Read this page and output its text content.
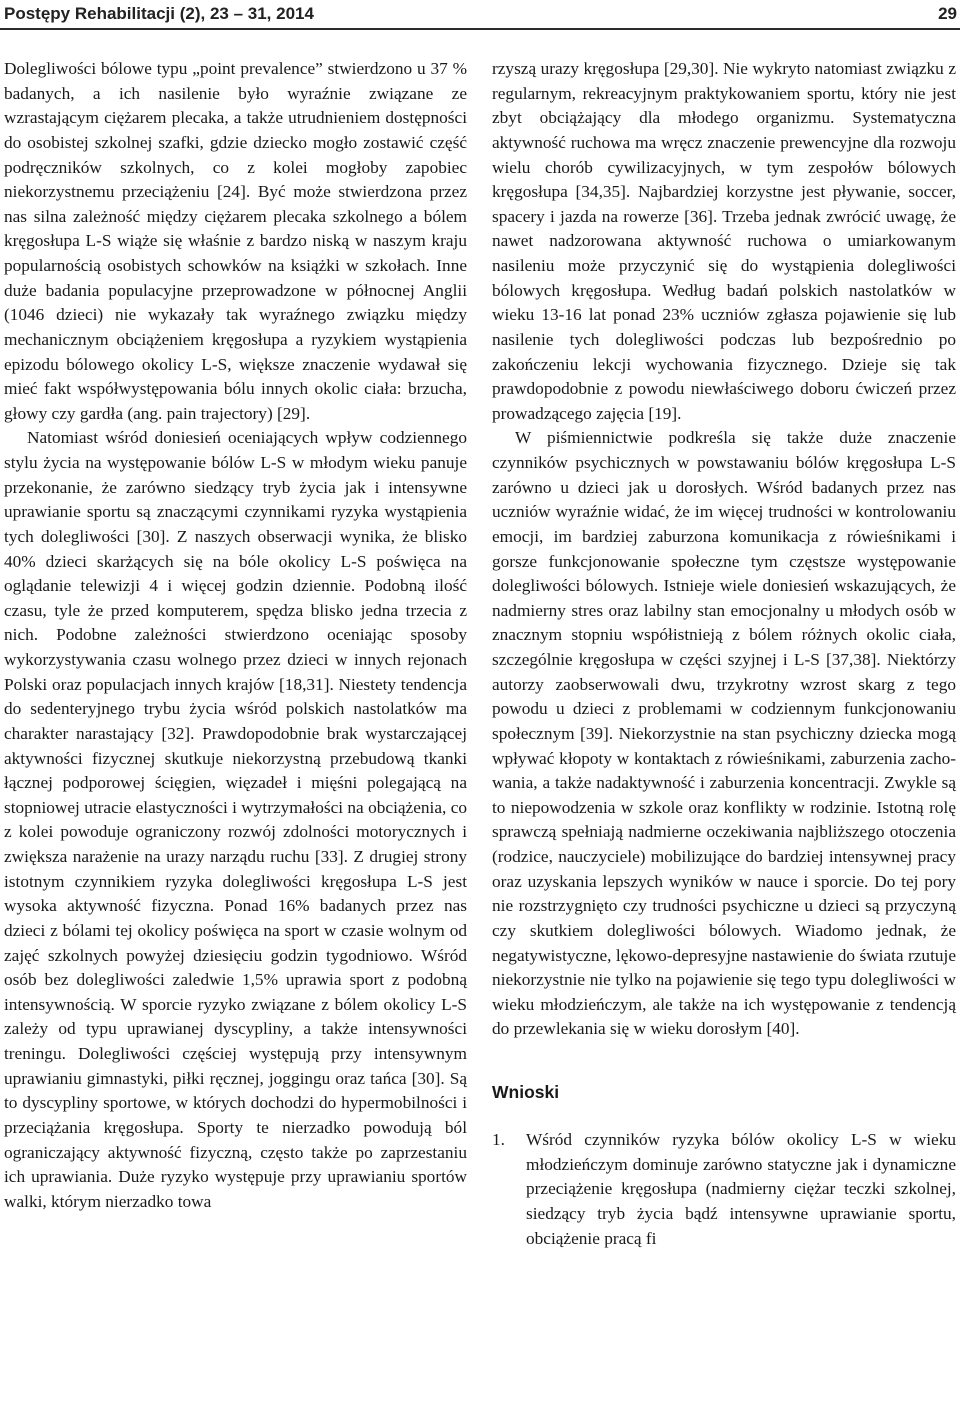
Postępy Rehabilitacji (2), 23 – 31, 2014	29

Dolegliwości bólowe typu „point prevalence” stwierdzono u 37 % badanych, a ich nasilenie było wyraźnie związane ze wzrastającym ciężarem plecaka, a także utrudnieniem dostępności do osobistej szkolnej szafki, gdzie dziecko mogło zostawić część podręczników szkolnych, co z kolei mogłoby zapobiec niekorzystnemu przeciążeniu [24]. Być może stwierdzona przez nas silna zależność między ciężarem plecaka szkolnego a bólem kręgosłupa L-S wiąże się właśnie z bardzo niską w naszym kraju popularnością osobistych schowków na książki w szkołach. Inne duże badania populacyjne przeprowadzone w północnej Anglii (1046 dzieci) nie wykazały tak wyraźnego związku między mechanicznym obciążeniem kręgosłupa a ryzykiem wystąpienia epizodu bólowego okolicy L-S, większe znaczenie wydawał się mieć fakt współwystępowania bólu innych okolic ciała: brzucha, głowy czy gardła (ang. pain trajectory) [29].

Natomiast wśród doniesień oceniających wpływ codziennego stylu życia na występowanie bólów L-S w młodym wieku panuje przekonanie, że zarówno siedzący tryb życia jak i intensywne uprawianie sportu są znaczącymi czynnikami ryzyka wystąpienia tych dolegliwości [30]. Z naszych obserwacji wynika, że blisko 40% dzieci skarżących się na bóle okolicy L-S poświęca na oglądanie telewizji 4 i więcej godzin dziennie. Podobną ilość czasu, tyle że przed komputerem, spędza blisko jedna trzecia z nich. Podobne zależności stwierdzono oceniając sposoby wykorzystywania czasu wolnego przez dzieci w innych rejonach Polski oraz populacjach innych krajów [18,31]. Niestety tendencja do sedenteryjnego trybu życia wśród polskich nastolatków ma charakter narastający [32]. Prawdopodobnie brak wystarczającej aktywności fizycznej skutkuje niekorzystną przebudową tkanki łącznej podporowej ścięgien, więzadeł i mięśni polegającą na stopniowej utracie elastyczności i wytrzymałości na obciążenia, co z kolei powoduje ograniczony rozwój zdolności motorycznych i zwiększa narażenie na urazy narządu ruchu [33]. Z drugiej strony istotnym czynnikiem ryzyka dolegliwości kręgosłupa L-S jest wysoka aktywność fizyczna. Ponad 16% badanych przez nas dzieci z bólami tej okolicy poświęca na sport w czasie wolnym od zajęć szkolnych powyżej dziesięciu godzin tygodniowo. Wśród osób bez dolegliwości zaledwie 1,5% uprawia sport z podobną intensywnością. W sporcie ryzyko związane z bólem okolicy L-S zależy od typu uprawianej dyscypliny, a także intensywności treningu. Dolegliwości częściej występują przy intensywnym uprawianiu gimnastyki, piłki ręcznej, joggingu oraz tańca [30]. Są to dyscypliny sportowe, w których dochodzi do hypermobilności i przeciążania kręgosłupa. Sporty te nierzadko powodują ból ograniczający aktywność fizyczną, często także po zaprzestaniu ich uprawiania. Duże ryzyko występuje przy uprawianiu sportów walki, którym nierzadko towa

rzyszą urazy kręgosłupa [29,30]. Nie wykryto natomiast związku z regularnym, rekreacyjnym praktykowaniem sportu, który nie jest zbyt obciążający dla młodego organizmu. Systematyczna aktywność ruchowa ma wręcz znaczenie prewencyjne dla rozwoju wielu chorób cywilizacyjnych, w tym zespołów bólowych kręgosłupa [34,35]. Najbardziej korzystne jest pływanie, soccer, spacery i jazda na rowerze [36]. Trzeba jednak zwrócić uwagę, że nawet nadzorowana aktywność ruchowa o umiarkowanym nasileniu może przyczynić się do wystąpienia dolegliwości bólowych kręgosłupa. Według badań polskich nastolatków w wieku 13-16 lat ponad 23% uczniów zgłasza pojawienie się lub nasilenie tych dolegliwości podczas lub bezpośrednio po zakończeniu lekcji wychowania fizycznego. Dzieje się tak prawdopodobnie z powodu niewłaściwego doboru ćwiczeń przez prowadzącego zajęcia [19].

W piśmiennictwie podkreśla się także duże znaczenie czynników psychicznych w powstawaniu bólów kręgosłupa L-S zarówno u dzieci jak u dorosłych. Wśród badanych przez nas uczniów wyraźnie widać, że im więcej trudności w kontrolowaniu emocji, im bardziej zaburzona komunikacja z rówieśnikami i gorsze funkcjonowanie społeczne tym częstsze występowanie dolegliwości bólowych. Istnieje wiele doniesień wskazujących, że nadmierny stres oraz labilny stan emocjonalny u młodych osób w znacznym stopniu współistnieją z bólem różnych okolic ciała, szczególnie kręgosłupa w części szyjnej i L-S [37,38]. Niektórzy autorzy zaobserwowali dwu, trzykrotny wzrost skarg z tego powodu u dzieci z problemami w codziennym funkcjonowaniu społecznym [39]. Niekorzystnie na stan psychiczny dziecka mogą wpływać kłopoty w kontaktach z rówieśnikami, zaburzenia zachowania, a także nadaktywność i zaburzenia koncentracji. Zwykle są to niepowodzenia w szkole oraz konflikty w rodzinie. Istotną rolę sprawczą spełniają nadmierne oczekiwania najbliższego otoczenia (rodzice, nauczyciele) mobilizujące do bardziej intensywnej pracy oraz uzyskania lepszych wyników w nauce i sporcie. Do tej pory nie rozstrzygnięto czy trudności psychiczne u dzieci są przyczyną czy skutkiem dolegliwości bólowych. Wiadomo jednak, że negatywistyczne, lękowo-depresyjne nastawienie do świata rzutuje niekorzystnie nie tylko na pojawienie się tego typu dolegliwości w wieku młodzieńczym, ale także na ich występowanie z tendencją do przewlekania się w wieku dorosłym [40].

Wnioski
1. Wśród czynników ryzyka bólów okolicy L-S w wieku młodzieńczym dominuje zarówno statyczne jak i dynamiczne przeciążenie kręgosłupa (nadmierny ciężar teczki szkolnej, siedzący tryb życia bądź intensywne uprawianie sportu, obciążenie pracą fi
